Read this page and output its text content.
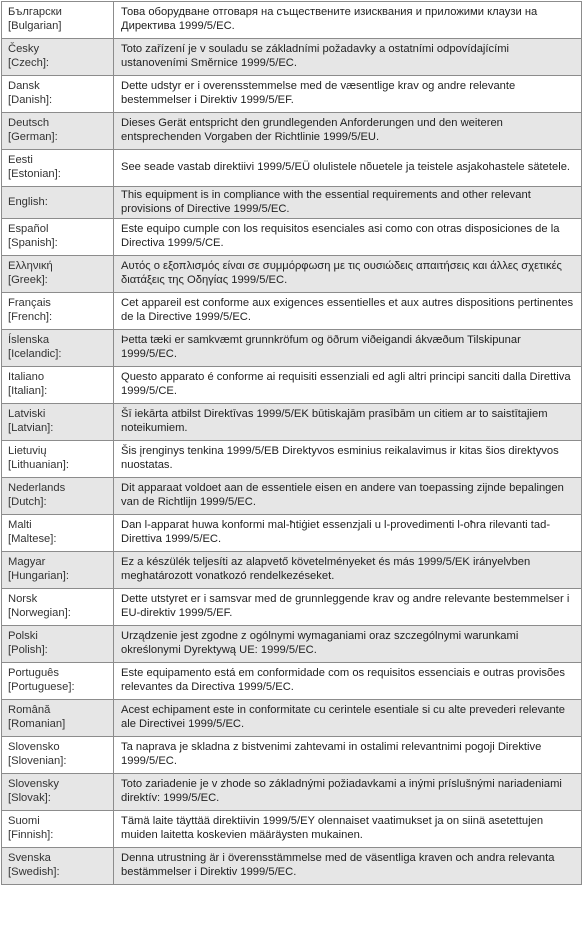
Български
[Bulgarian]	Това оборудване отговаря на съществените изисквания и приложими клаузи на Директива 1999/5/ЕС.

Česky
[Czech]:	Toto zařízení je v souladu se základními požadavky a ostatními odpovídajícími ustanoveními Směrnice 1999/5/EC.

Dansk
[Danish]:	Dette udstyr er i overensstemmelse med de væsentlige krav og andre relevante bestemmelser i Direktiv 1999/5/EF.

Deutsch
[German]:	Dieses Gerät entspricht den grundlegenden Anforderungen und den weiteren entsprechenden Vorgaben der Richtlinie 1999/5/EU.

Eesti
[Estonian]:	See seade vastab direktiivi 1999/5/EÜ olulistele nõuetele ja teistele asjakohastele sätetele.

English:	This equipment is in compliance with the essential requirements and other relevant provisions of Directive 1999/5/EC.

Español
[Spanish]:	Este equipo cumple con los requisitos esenciales asi como con otras disposiciones de la Directiva 1999/5/CE.

Ελληνική
[Greek]:	Αυτός ο εξοπλισμός είναι σε συμμόρφωση με τις ουσιώδεις απαιτήσεις και άλλες σχετικές διατάξεις της Οδηγίας 1999/5/EC.

Français
[French]:	Cet appareil est conforme aux exigences essentielles et aux autres dispositions pertinentes de la Directive 1999/5/EC.

Íslenska
[Icelandic]:	Þetta tæki er samkvæmt grunnkröfum og öðrum viðeigandi ákvæðum Tilskipunar 1999/5/EC.

Italiano
[Italian]:	Questo apparato é conforme ai requisiti essenziali ed agli altri principi sanciti dalla Direttiva 1999/5/CE.

Latviski
[Latvian]:	Šī iekārta atbilst Direktīvas 1999/5/EK būtiskajām prasībām un citiem ar to saistītajiem noteikumiem.

Lietuvių
[Lithuanian]:	Šis įrenginys tenkina 1999/5/EB Direktyvos esminius reikalavimus ir kitas šios direktyvos nuostatas.

Nederlands
[Dutch]:	Dit apparaat voldoet aan de essentiele eisen en andere van toepassing zijnde bepalingen van de Richtlijn 1999/5/EC.

Malti
[Maltese]:	Dan l-apparat huwa konformi mal-ħtiġiet essenzjali u l-provedimenti l-oħra rilevanti tad-Direttiva 1999/5/EC.

Magyar
[Hungarian]:	Ez a készülék teljesíti az alapvető követelményeket és más 1999/5/EK irányelvben meghatározott vonatkozó rendelkezéseket.

Norsk
[Norwegian]:	Dette utstyret er i samsvar med de grunnleggende krav og andre relevante bestemmelser i EU-direktiv 1999/5/EF.

Polski
[Polish]:	Urządzenie jest zgodne z ogólnymi wymaganiami oraz szczególnymi warunkami określonymi Dyrektywą UE: 1999/5/EC.

Português
[Portuguese]:	Este equipamento está em conformidade com os requisitos essenciais e outras provisões relevantes da Directiva 1999/5/EC.

Română
[Romanian]	Acest echipament este in conformitate cu cerintele esentiale si cu alte prevederi relevante ale Directivei 1999/5/EC.

Slovensko
[Slovenian]:	Ta naprava je skladna z bistvenimi zahtevami in ostalimi relevantnimi pogoji Direktive 1999/5/EC.

Slovensky
[Slovak]:	Toto zariadenie je v zhode so základnými požiadavkami a inými príslušnými nariadeniami direktív: 1999/5/EC.

Suomi
[Finnish]:	Tämä laite täyttää direktiivin 1999/5/EY olennaiset vaatimukset ja on siinä asetettujen muiden laitetta koskevien määräysten mukainen.

Svenska
[Swedish]:	Denna utrustning är i överensstämmelse med de väsentliga kraven och andra relevanta bestämmelser i Direktiv 1999/5/EC.
